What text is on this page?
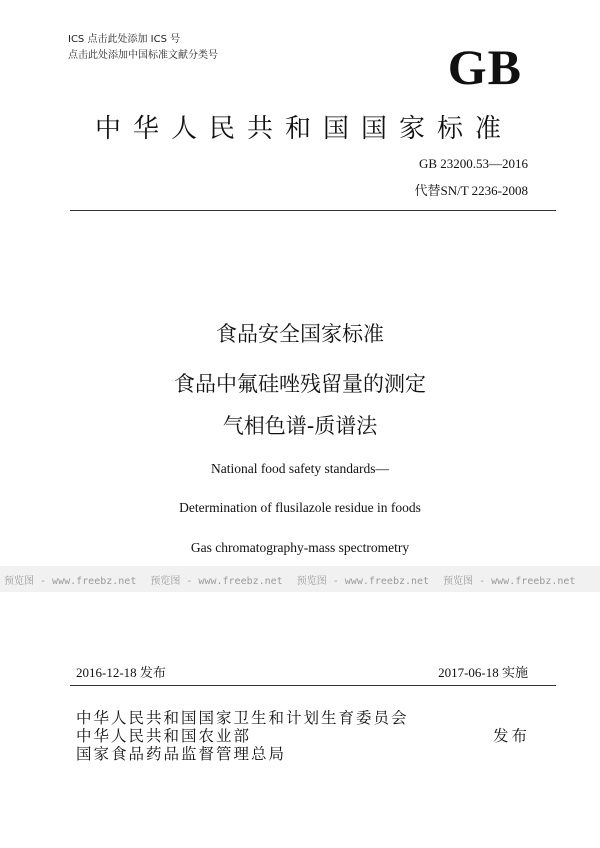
ICS 点击此处添加 ICS 号
点击此处添加中国标准文献分类号	GB
中华人民共和国国家标准
GB 23200.53—2016
代替SN/T 2236-2008
食品安全国家标准
食品中氟硅唑残留量的测定
气相色谱-质谱法
National food safety standards—
Determination of flusilazole residue in foods
Gas chromatography-mass spectrometry
预览图 - www.freebz.net 预览图 - www.freebz.net 预览图 - www.freebz.net 预览图 - www.freebz.net
2016-12-18 发布	2017-06-18 实施
中华人民共和国国家卫生和计划生育委员会
中华人民共和国农业部
国家食品药品监督管理总局
发布
